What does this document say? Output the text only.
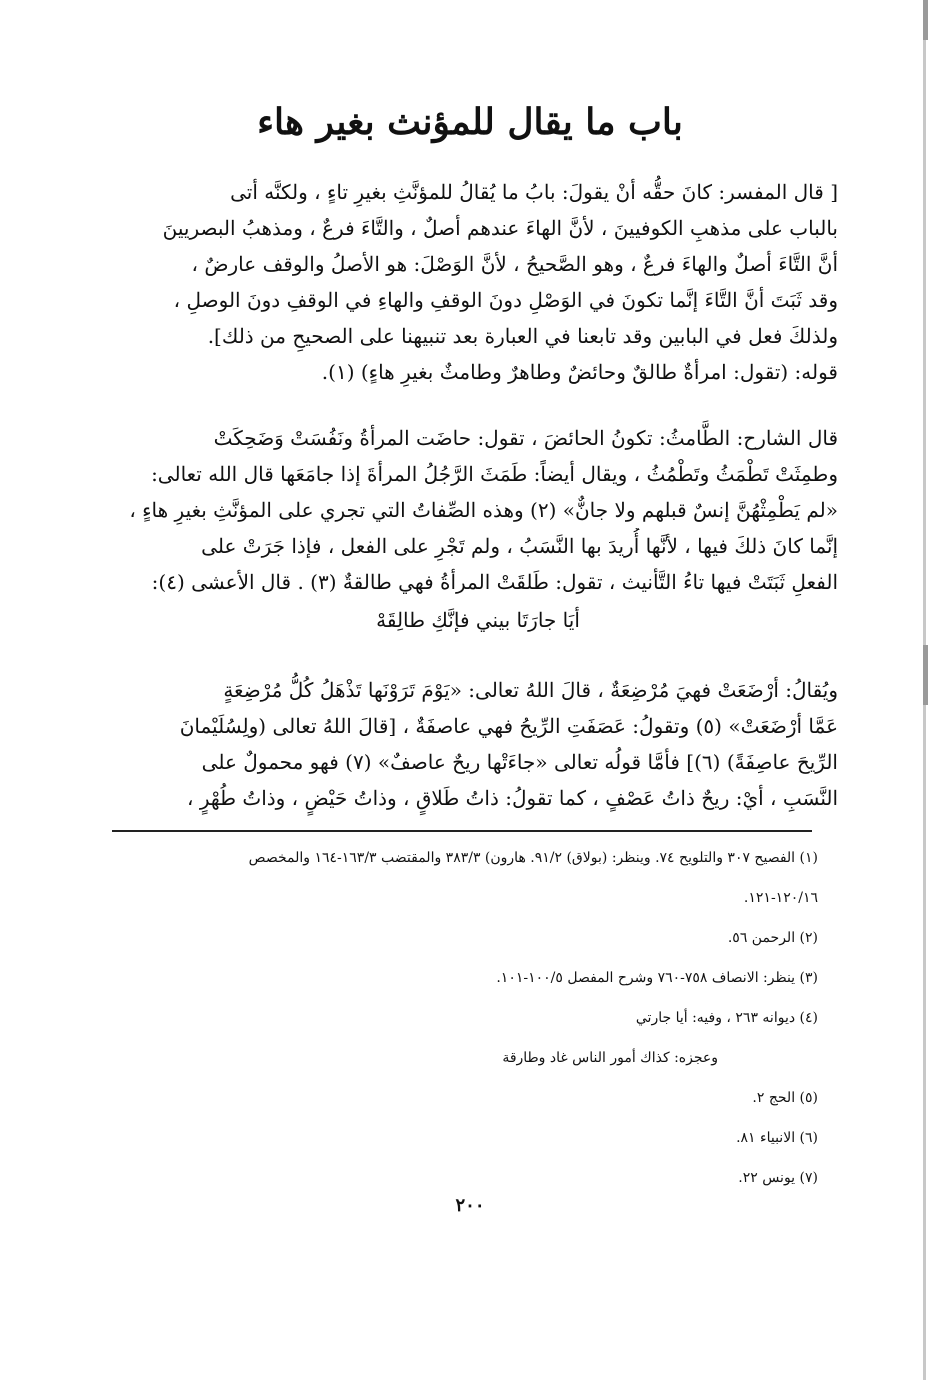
باب ما يقال للمؤنث بغير هاء
[ قال المفسر: كانَ حقُّه أنْ يقولَ: بابُ ما يُقالُ للمؤنَّثِ بغيرِ تاءٍ ، ولكنَّه أتى
بالباب على مذهبِ الكوفيينَ ، لأنَّ الهاءَ عندهم أصلٌ ، والتَّاءَ فرعٌ ، ومذهبُ البصريينَ
أنَّ التَّاءَ أصلٌ والهاءَ فرعٌ ، وهو الصَّحيحُ ، لأنَّ الوَصْلَ: هو الأصلُ والوقف عارضٌ ،
وقد ثَبَتَ أنَّ التَّاءَ إنَّما تكونَ في الوَصْلِ دونَ الوقفِ والهاءِ في الوقفِ دونَ الوصلِ ،
ولذلكَ فعل في البابين وقد تابعنا في العبارة بعد تنبيهنا على الصحيحِ من ذلك].
قوله: (تقول: امرأةٌ طالقٌ وحائضٌ وطاهرٌ وطامثٌ بغيرِ هاءٍ) (١).
قال الشارح: الطَّامثُ: تكونُ الحائضَ ، تقول: حاضَت المرأةُ ونَفُسَتْ وَضَحِكَتْ
وطمِثَتْ تَطْمَثُ وتَطْمُثُ ، ويقال أيضاً: طَمَثَ الرَّجُلُ المرأةَ إذا جامَعَها قال الله تعالى:
«لم يَطْمِثْهُنَّ إنسٌ قبلهم ولا جانٌّ» (٢) وهذه الصِّفاتُ التي تجري على المؤنَّثِ بغيرِ هاءٍ ،
إنَّما كانَ ذلكَ فيها ، لأنَّها أُريدَ بها النَّسَبُ ، ولم تَجْرِ على الفعل ، فإذا جَرَتْ على
الفعلِ ثَبَتَتْ فيها تاءُ التَّأنيث ، تقول: طَلقَتْ المرأةُ فهي طالقةٌ (٣) . قال الأعشى (٤):
أيَا جارَتَا بيني فإنَّكِ طالِقَهْ
ويُقالُ: أرْضَعَتْ فهيَ مُرْضِعَةٌ ، قالَ اللهُ تعالى: «يَوْمَ تَرَوْنَها تَذْهَلُ كُلُّ مُرْضِعَةٍ
عَمَّا أرْضَعَتْ» (٥) وتقولُ: عَصَفَتِ الرِّيحُ فهي عاصفَةٌ ، [قالَ اللهُ تعالى (ولِسُلَيْمانَ
الرِّيحَ عاصِفَةً) (٦)] فأمَّا قولُه تعالى «جاءَتْها ريحٌ عاصفٌ» (٧) فهو محمولٌ على
النَّسَبِ ، أيْ: ريحٌ ذاتُ عَصْفٍ ، كما تقولُ: ذاتُ طَلاقٍ ، وذاتُ حَيْضٍ ، وذاتُ طُهْرٍ ،
(١) الفصيح ٣٠٧ والتلويح ٧٤. وينظر: (بولاق) ٩١/٢. هارون) ٣٨٣/٣ والمقتضب ١٦٣/٣-١٦٤ والمخصص
١٢٠/١٦-١٢١.
(٢) الرحمن ٥٦.
(٣) ينظر: الانصاف ٧٥٨-٧٦٠ وشرح المفصل ١٠٠/٥-١٠١.
(٤) ديوانه ٢٦٣ ، وفيه: أيا جارتي
وعجزه: كذاك أمور الناس غاد وطارقة
(٥) الحج ٢.
(٦) الانبياء ٨١.
(٧) يونس ٢٢.
٢٠٠
